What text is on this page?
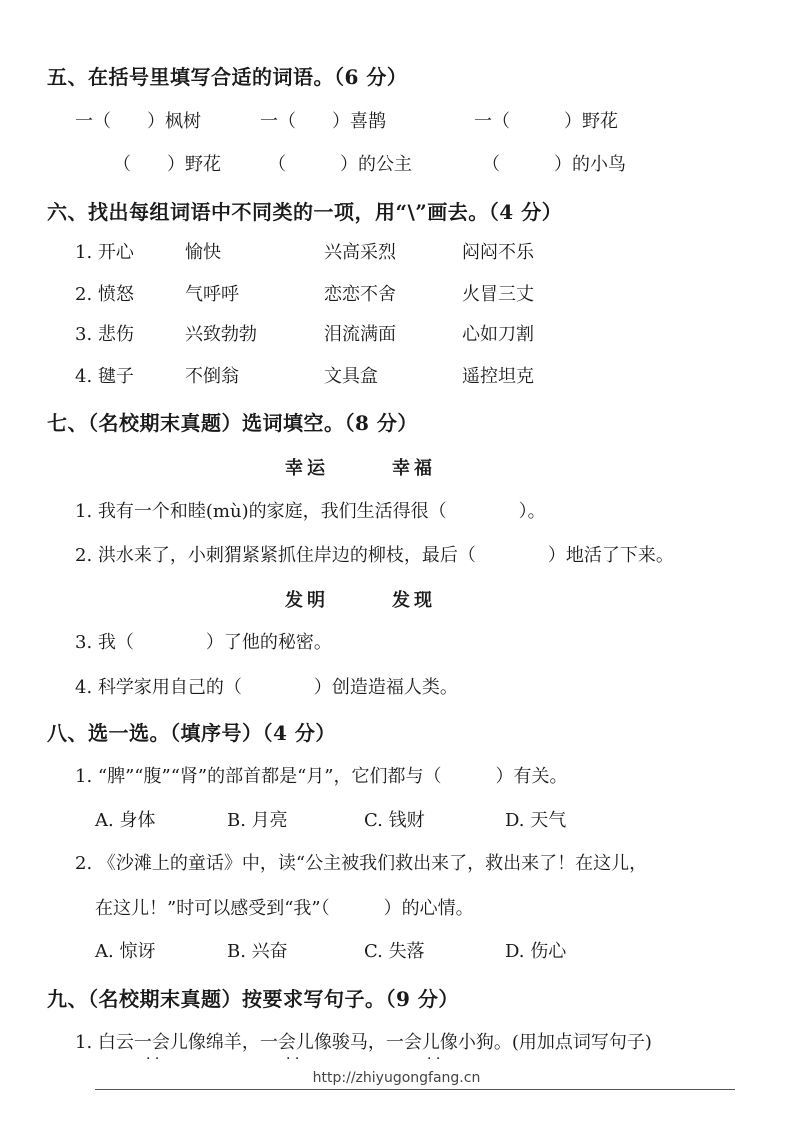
五、在括号里填写合适的词语。（6 分）
一（　　）枫树	一（　　）喜鹊	一（　　　）野花
（　　）野花	（　　　）的公主	（　　　）的小鸟
六、找出每组词语中不同类的一项，用“\”画去。（4 分）
1. 开心	愉快	兴高采烈	闷闷不乐
2. 愤怒	气呼呼	恋恋不舍	火冒三丈
3. 悲伤	兴致勃勃	泪流满面	心如刀割
4. 毽子	不倒翁	文具盒	遥控坦克
七、（名校期末真题）选词填空。（8 分）
幸运	幸福
1. 我有一个和睦(mù)的家庭，我们生活得很（　　　　）。
2. 洪水来了，小刺猬紧紧抓住岸边的柳枝，最后（　　　　）地活了下来。
发明	发现
3. 我（　　　　）了他的秘密。
4. 科学家用自己的（　　　　）创造造福人类。
八、选一选。（填序号）（4 分）
1. “脾”“腹”“肾”的部首都是“月”，它们都与（　　　）有关。
A. 身体	B. 月亮	C. 钱财	D. 天气
2. 《沙滩上的童话》中，读“公主被我们救出来了，救出来了！在这儿，
在这儿！”时可以感受到“我”（　　　）的心情。
A. 惊讶	B. 兴奋	C. 失落	D. 伤心
九、（名校期末真题）按要求写句子。（9 分）
1. 白云一会儿像绵羊，一会儿像骏马，一会儿像小狗。(用加点词写句子)
· ·	· ·	· ·
http://zhiyugongfang.cn
